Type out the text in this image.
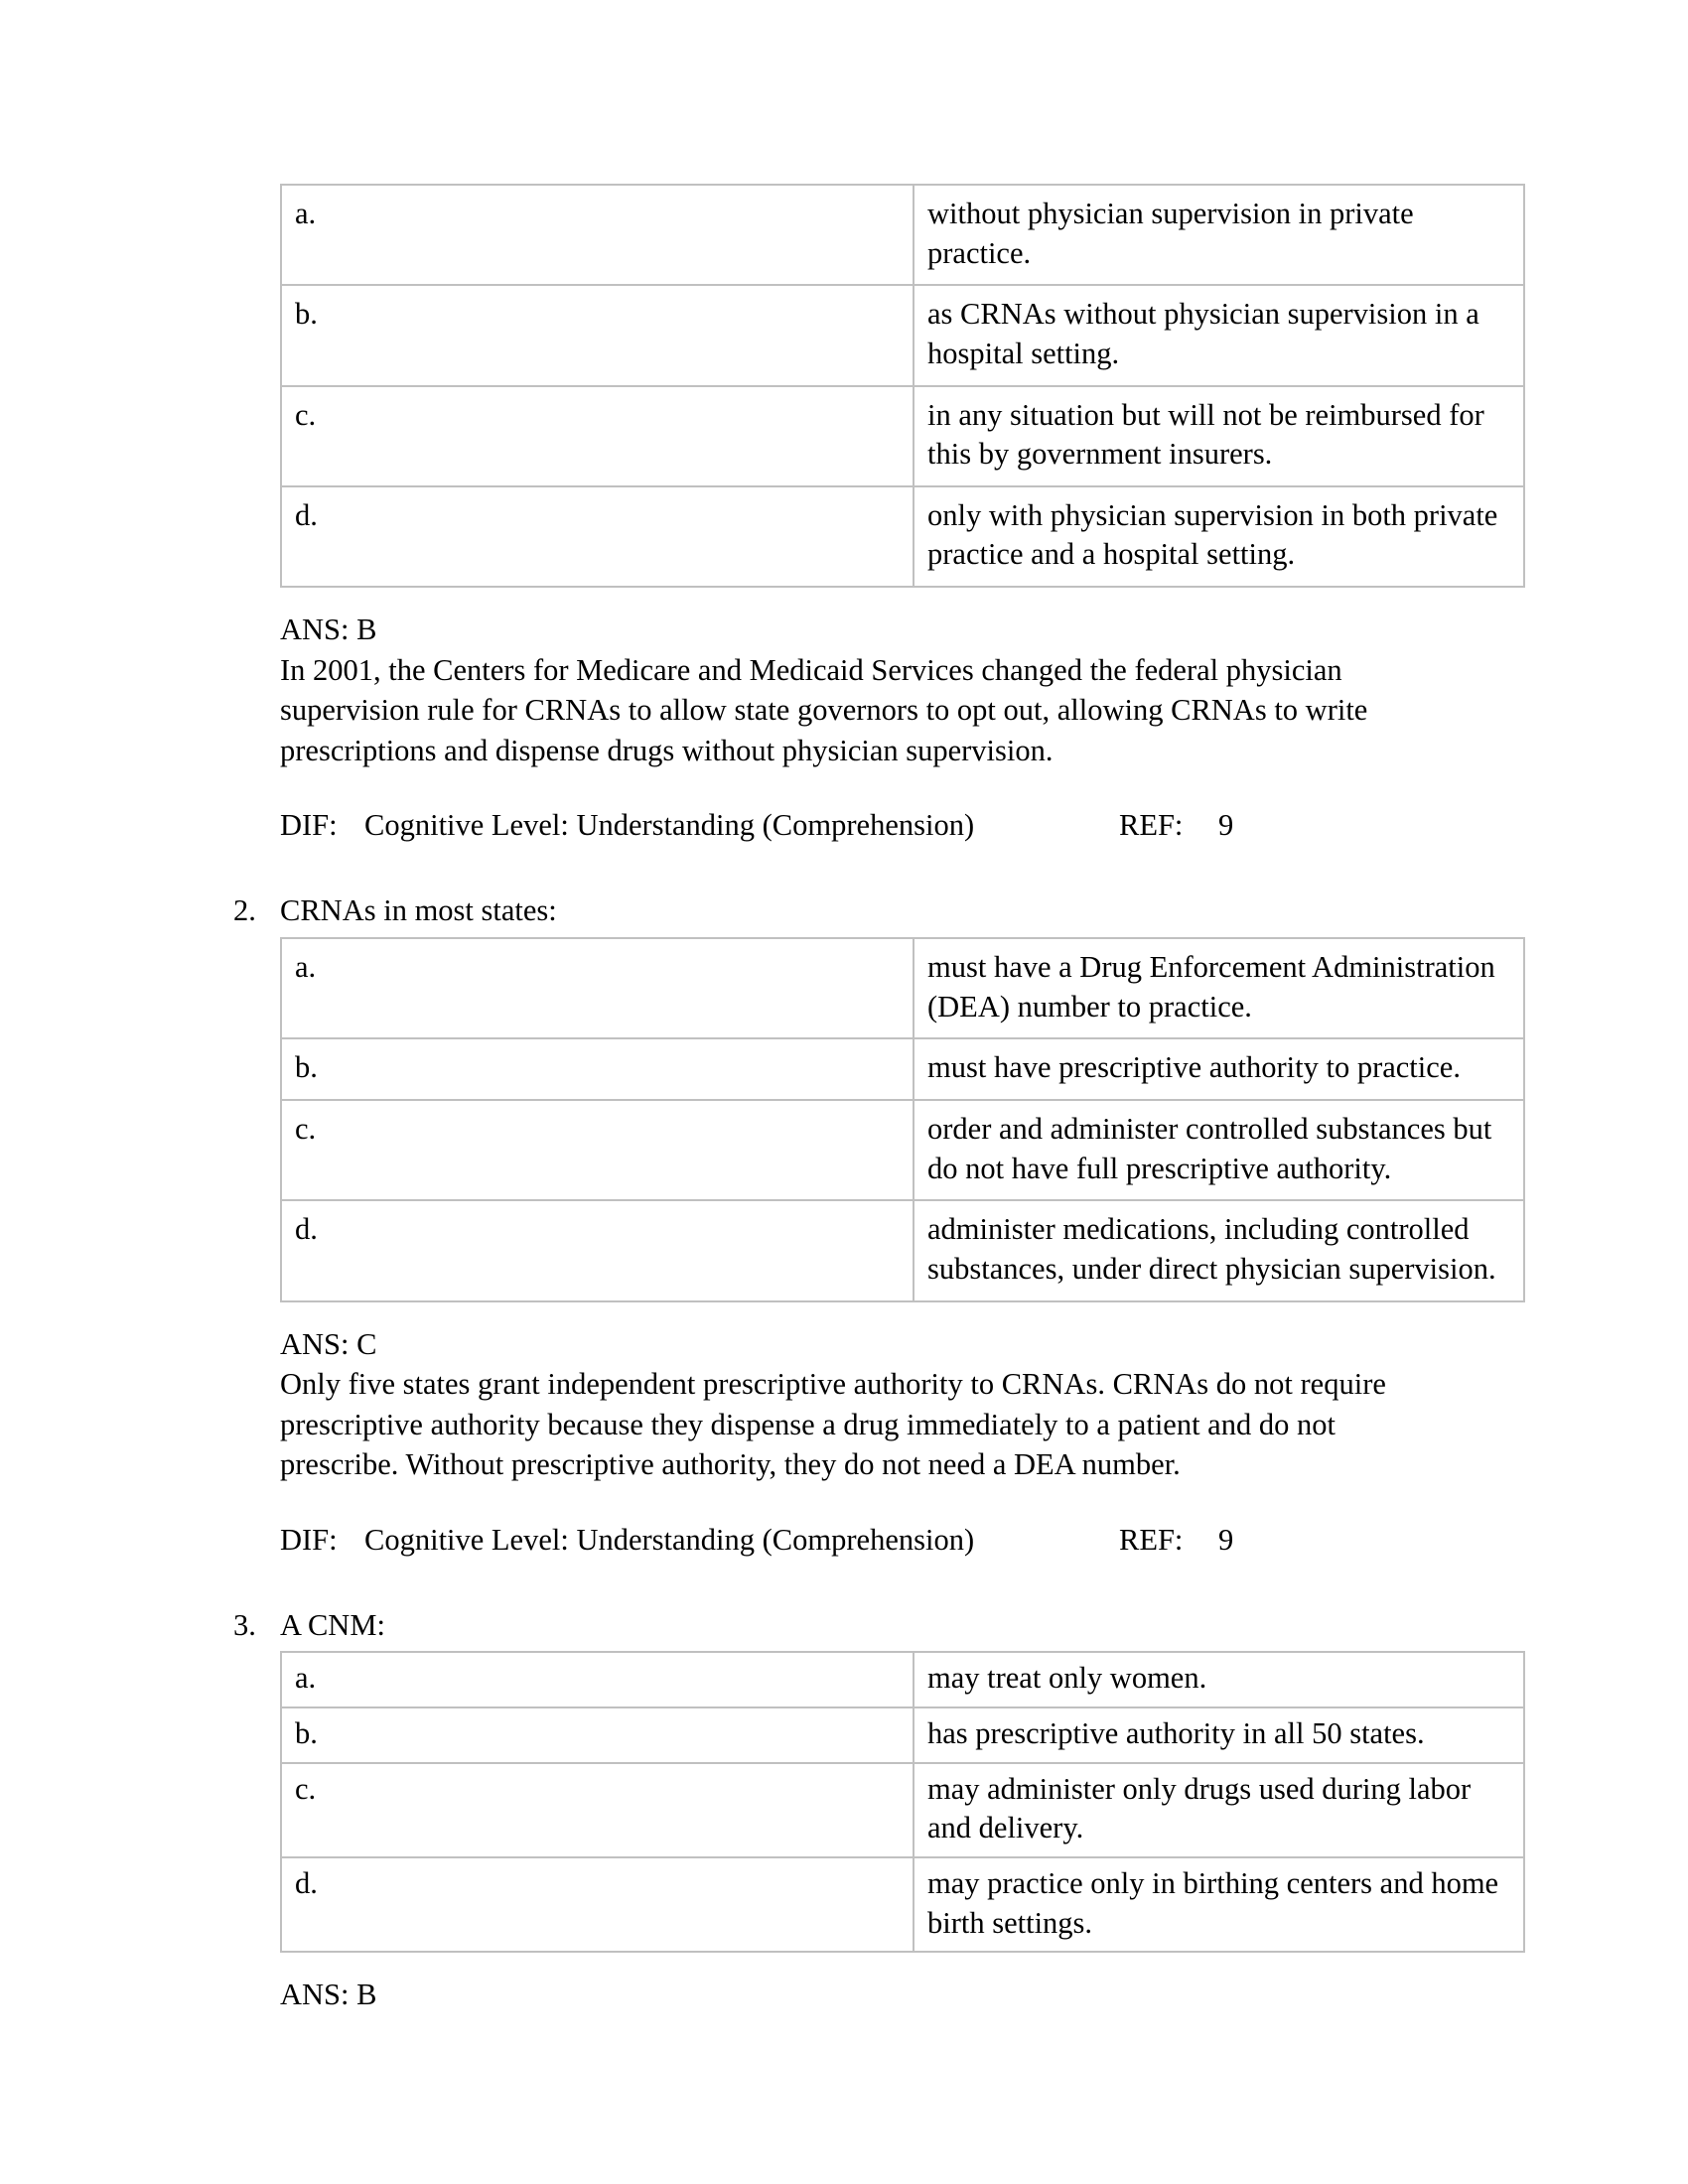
a.	without physician supervision in private practice.
b.	as CRNAs without physician supervision in a hospital setting.
c.	in any situation but will not be reimbursed for this by government insurers.
d.	only with physician supervision in both private practice and a hospital setting.
ANS: B
In 2001, the Centers for Medicare and Medicaid Services changed the federal physician supervision rule for CRNAs to allow state governors to opt out, allowing CRNAs to write prescriptions and dispense drugs without physician supervision.
DIF: Cognitive Level: Understanding (Comprehension)	REF: 9
2. CRNAs in most states:
a.	must have a Drug Enforcement Administration (DEA) number to practice.
b.	must have prescriptive authority to practice.
c.	order and administer controlled substances but do not have full prescriptive authority.
d.	administer medications, including controlled substances, under direct physician supervision.
ANS: C
Only five states grant independent prescriptive authority to CRNAs. CRNAs do not require prescriptive authority because they dispense a drug immediately to a patient and do not prescribe. Without prescriptive authority, they do not need a DEA number.
DIF: Cognitive Level: Understanding (Comprehension)	REF: 9
3. A CNM:
a.	may treat only women.
b.	has prescriptive authority in all 50 states.
c.	may administer only drugs used during labor and delivery.
d.	may practice only in birthing centers and home birth settings.
ANS: B
